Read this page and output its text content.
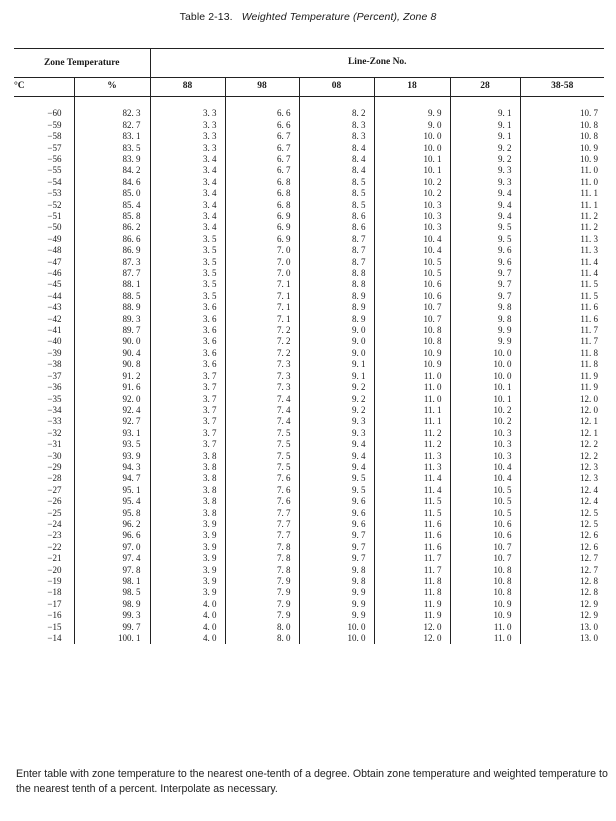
Table 2-13. Weighted Temperature (Percent), Zone 8
Zone Temperature		Line-Zone No.					
°C	%	88	98	08	18	28	38-58

−60	82. 3	3. 3	6. 6	8. 2	9. 9	9. 1	10. 7
−59	82. 7	3. 3	6. 6	8. 3	9. 0	9. 1	10. 8
−58	83. 1	3. 3	6. 7	8. 3	10. 0	9. 1	10. 8
−57	83. 5	3. 3	6. 7	8. 4	10. 0	9. 2	10. 9
−56	83. 9	3. 4	6. 7	8. 4	10. 1	9. 2	10. 9
−55	84. 2	3. 4	6. 7	8. 4	10. 1	9. 3	11. 0
−54	84. 6	3. 4	6. 8	8. 5	10. 2	9. 3	11. 0
−53	85. 0	3. 4	6. 8	8. 5	10. 2	9. 4	11. 1
−52	85. 4	3. 4	6. 8	8. 5	10. 3	9. 4	11. 1
−51	85. 8	3. 4	6. 9	8. 6	10. 3	9. 4	11. 2
−50	86. 2	3. 4	6. 9	8. 6	10. 3	9. 5	11. 2
−49	86. 6	3. 5	6. 9	8. 7	10. 4	9. 5	11. 3
−48	86. 9	3. 5	7. 0	8. 7	10. 4	9. 6	11. 3
−47	87. 3	3. 5	7. 0	8. 7	10. 5	9. 6	11. 4
−46	87. 7	3. 5	7. 0	8. 8	10. 5	9. 7	11. 4
−45	88. 1	3. 5	7. 1	8. 8	10. 6	9. 7	11. 5
−44	88. 5	3. 5	7. 1	8. 9	10. 6	9. 7	11. 5
−43	88. 9	3. 6	7. 1	8. 9	10. 7	9. 8	11. 6
−42	89. 3	3. 6	7. 1	8. 9	10. 7	9. 8	11. 6
−41	89. 7	3. 6	7. 2	9. 0	10. 8	9. 9	11. 7
−40	90. 0	3. 6	7. 2	9. 0	10. 8	9. 9	11. 7
−39	90. 4	3. 6	7. 2	9. 0	10. 9	10. 0	11. 8
−38	90. 8	3. 6	7. 3	9. 1	10. 9	10. 0	11. 8
−37	91. 2	3. 7	7. 3	9. 1	11. 0	10. 0	11. 9
−36	91. 6	3. 7	7. 3	9. 2	11. 0	10. 1	11. 9
−35	92. 0	3. 7	7. 4	9. 2	11. 0	10. 1	12. 0
−34	92. 4	3. 7	7. 4	9. 2	11. 1	10. 2	12. 0
−33	92. 7	3. 7	7. 4	9. 3	11. 1	10. 2	12. 1
−32	93. 1	3. 7	7. 5	9. 3	11. 2	10. 3	12. 1
−31	93. 5	3. 7	7. 5	9. 4	11. 2	10. 3	12. 2
−30	93. 9	3. 8	7. 5	9. 4	11. 3	10. 3	12. 2
−29	94. 3	3. 8	7. 5	9. 4	11. 3	10. 4	12. 3
−28	94. 7	3. 8	7. 6	9. 5	11. 4	10. 4	12. 3
−27	95. 1	3. 8	7. 6	9. 5	11. 4	10. 5	12. 4
−26	95. 4	3. 8	7. 6	9. 6	11. 5	10. 5	12. 4
−25	95. 8	3. 8	7. 7	9. 6	11. 5	10. 5	12. 5
−24	96. 2	3. 9	7. 7	9. 6	11. 6	10. 6	12. 5
−23	96. 6	3. 9	7. 7	9. 7	11. 6	10. 6	12. 6
−22	97. 0	3. 9	7. 8	9. 7	11. 6	10. 7	12. 6
−21	97. 4	3. 9	7. 8	9. 7	11. 7	10. 7	12. 7
−20	97. 8	3. 9	7. 8	9. 8	11. 7	10. 8	12. 7
−19	98. 1	3. 9	7. 9	9. 8	11. 8	10. 8	12. 8
−18	98. 5	3. 9	7. 9	9. 9	11. 8	10. 8	12. 8
−17	98. 9	4. 0	7. 9	9. 9	11. 9	10. 9	12. 9
−16	99. 3	4. 0	7. 9	9. 9	11. 9	10. 9	12. 9
−15	99. 7	4. 0	8. 0	10. 0	12. 0	11. 0	13. 0
−14	100. 1	4. 0	8. 0	10. 0	12. 0	11. 0	13. 0
Enter table with zone temperature to the nearest one-tenth of a degree. Obtain zone temperature and weighted temperature to the nearest tenth of a percent. Interpolate as necessary.
